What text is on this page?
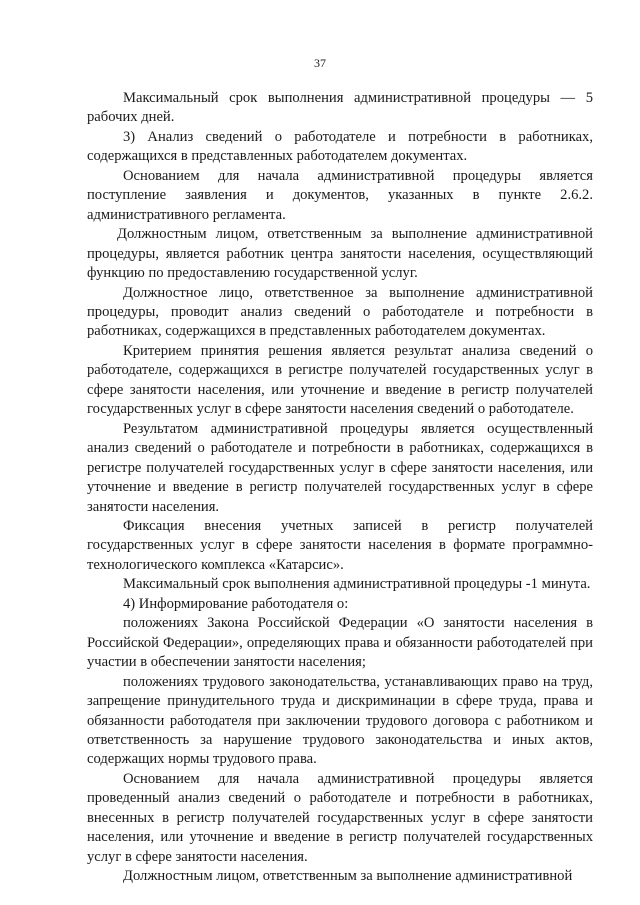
37

Максимальный срок выполнения административной процедуры — 5 рабочих дней.

3) Анализ сведений о работодателе и потребности в работниках, содержащихся в представленных работодателем документах.

Основанием для начала административной процедуры является поступление заявления и документов, указанных в пункте 2.6.2. административного регламента.

Должностным лицом, ответственным за выполнение административной процедуры, является работник центра занятости населения, осуществляющий функцию по предоставлению государственной услуг.

Должностное лицо, ответственное за выполнение административной процедуры, проводит анализ сведений о работодателе и потребности в работниках, содержащихся в представленных работодателем документах.

Критерием принятия решения является результат анализа сведений о работодателе, содержащихся в регистре получателей государственных услуг в сфере занятости населения, или уточнение и введение в регистр получателей государственных услуг в сфере занятости населения сведений о работодателе.

Результатом административной процедуры является осуществленный анализ сведений о работодателе и потребности в работниках, содержащихся в регистре получателей государственных услуг в сфере занятости населения, или уточнение и введение в регистр получателей государственных услуг в сфере занятости населения.

Фиксация внесения учетных записей в регистр получателей государственных услуг в сфере занятости населения в формате программно-технологического комплекса «Катарсис».

Максимальный срок выполнения административной процедуры -1 минута.

4) Информирование работодателя о:

положениях Закона Российской Федерации «О занятости населения в Российской Федерации», определяющих права и обязанности работодателей при участии в обеспечении занятости населения;

положениях трудового законодательства, устанавливающих право на труд, запрещение принудительного труда и дискриминации в сфере труда, права и обязанности работодателя при заключении трудового договора с работником и ответственность за нарушение трудового законодательства и иных актов, содержащих нормы трудового права.

Основанием для начала административной процедуры является проведенный анализ сведений о работодателе и потребности в работниках, внесенных в регистр получателей государственных услуг в сфере занятости населения, или уточнение и введение в регистр получателей государственных услуг в сфере занятости населения.

Должностным лицом, ответственным за выполнение административной
